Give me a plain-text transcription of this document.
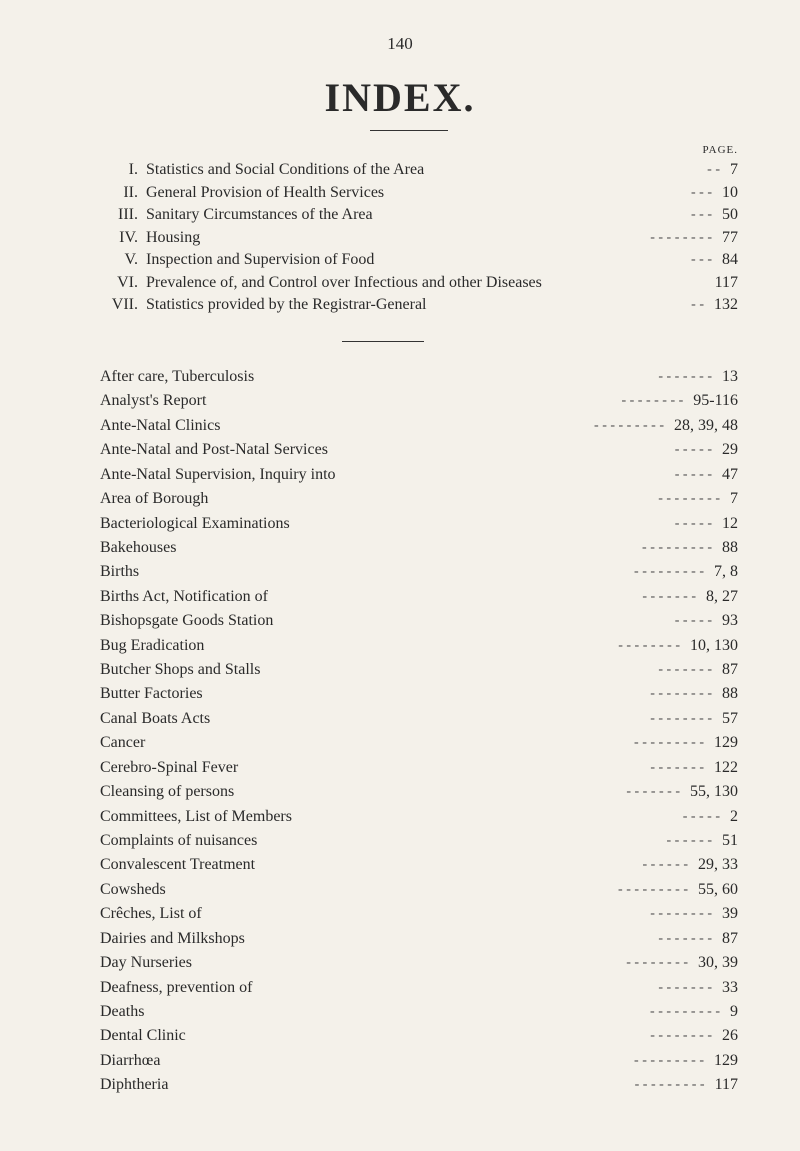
140
INDEX.
PAGE.
I. Statistics and Social Conditions of the Area	- - 7
II. General Provision of Health Services	- - - 10
III. Sanitary Circumstances of the Area	- - - 50
IV. Housing	- - - - - - - - 77
V. Inspection and Supervision of Food	- - - 84
VI. Prevalence of, and Control over Infectious and other Diseases	117
VII. Statistics provided by the Registrar-General	- - 132
After care, Tuberculosis	- - - - - - - 13
Analyst's Report	- - - - - - - - 95-116
Ante-Natal Clinics	- - - - - - - - - 28, 39, 48
Ante-Natal and Post-Natal Services	- - - - - 29
Ante-Natal Supervision, Inquiry into	- - - - - 47
Area of Borough	- - - - - - - - 7
Bacteriological Examinations	- - - - - 12
Bakehouses	- - - - - - - - - 88
Births	- - - - - - - - - 7, 8
Births Act, Notification of	- - - - - - - 8, 27
Bishopsgate Goods Station	- - - - - 93
Bug Eradication	- - - - - - - - 10, 130
Butcher Shops and Stalls	- - - - - - - 87
Butter Factories	- - - - - - - - 88
Canal Boats Acts	- - - - - - - - 57
Cancer	- - - - - - - - - 129
Cerebro-Spinal Fever	- - - - - - - 122
Cleansing of persons	- - - - - - - 55, 130
Committees, List of Members	- - - - - 2
Complaints of nuisances	- - - - - - 51
Convalescent Treatment	- - - - - - 29, 33
Cowsheds	- - - - - - - - - 55, 60
Crêches, List of	- - - - - - - - 39
Dairies and Milkshops	- - - - - - - 87
Day Nurseries	- - - - - - - - 30, 39
Deafness, prevention of	- - - - - - - 33
Deaths	- - - - - - - - - 9
Dental Clinic	- - - - - - - - 26
Diarrhœa	- - - - - - - - - 129
Diphtheria	- - - - - - - - - 117
